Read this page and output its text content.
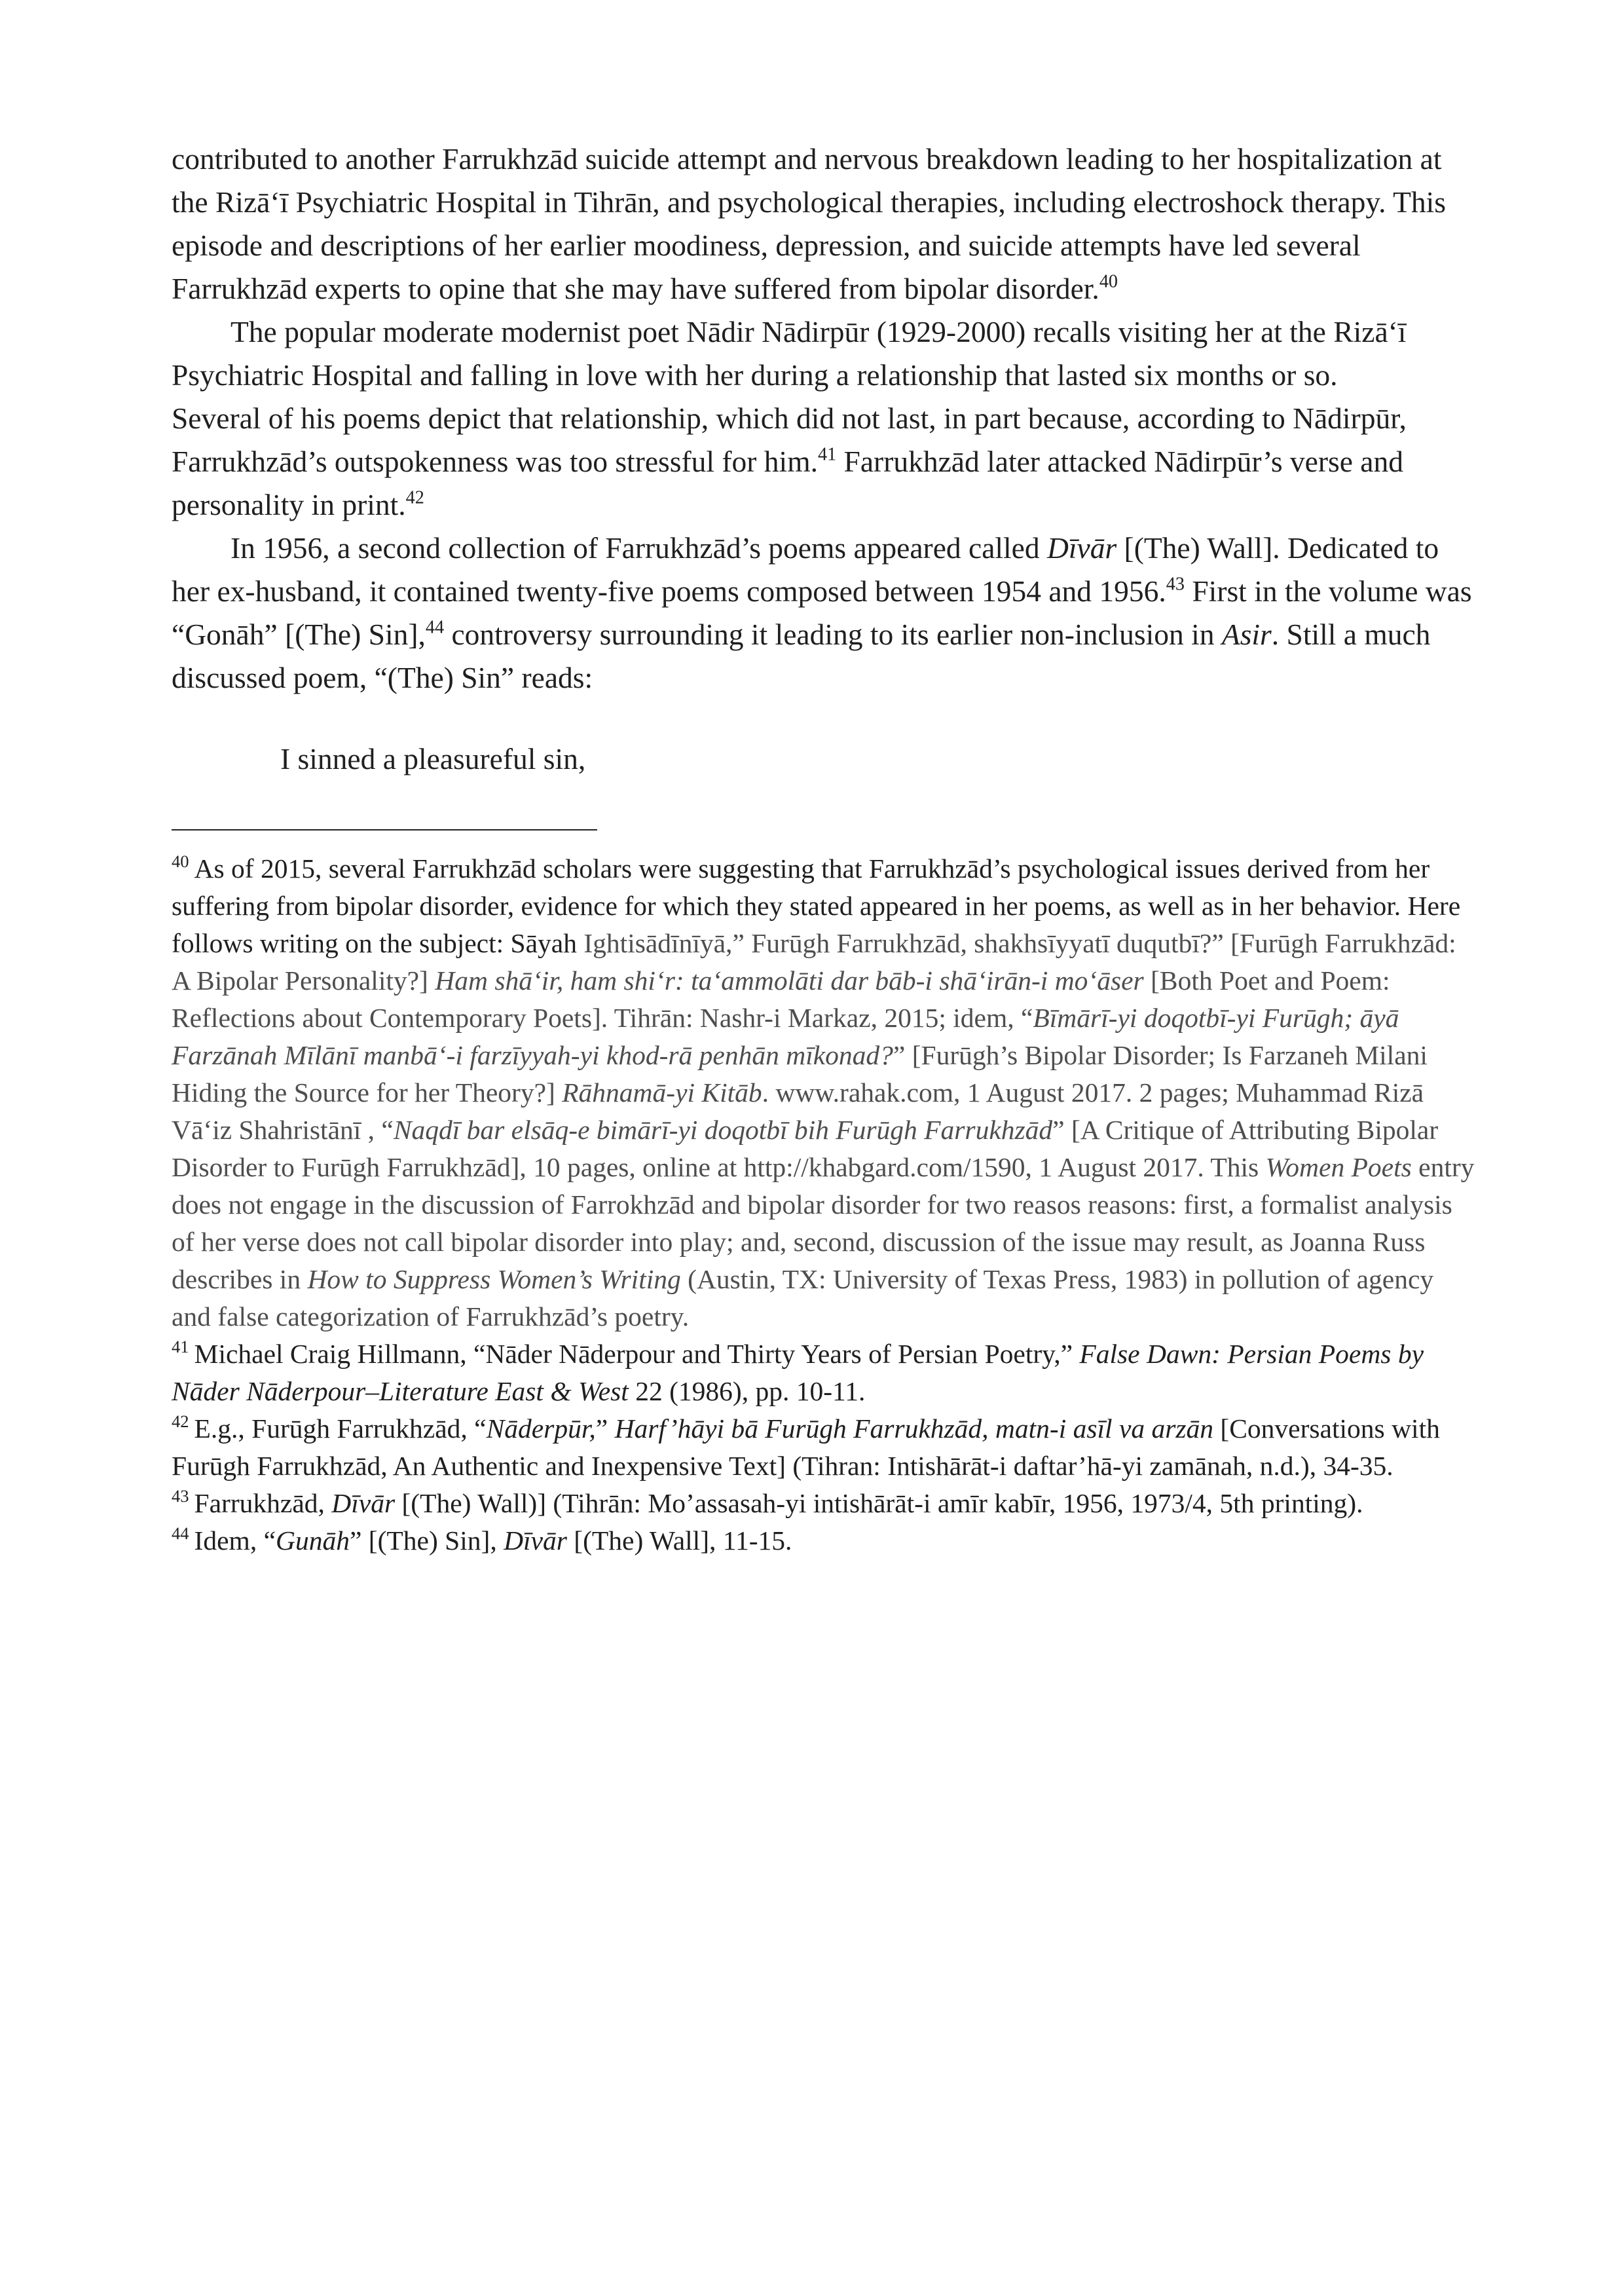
contributed to another Farrukhzād suicide attempt and nervous breakdown leading to her hospitalization at the Rizā‘ī Psychiatric Hospital in Tihrān, and psychological therapies, including electroshock therapy. This episode and descriptions of her earlier moodiness, depression, and suicide attempts have led several Farrukhzād experts to opine that she may have suffered from bipolar disorder.$^{40}$

The popular moderate modernist poet Nādir Nādirpūr (1929-2000) recalls visiting her at the Rizā‘ī Psychiatric Hospital and falling in love with her during a relationship that lasted six months or so.

Several of his poems depict that relationship, which did not last, in part because, according to Nādirpūr, Farrukhzād’s outspokenness was too stressful for him.$^{41}$ Farrukhzād later attacked Nādirpūr’s verse and personality in print.$^{42}$

In 1956, a second collection of Farrukhzād’s poems appeared called Dīvār [(The) Wall]. Dedicated to her ex-husband, it contained twenty-five poems composed between 1954 and 1956.43 First in the volume was “Gonāh” [(The) Sin],$^{44}$ controversy surrounding it leading to its earlier non-inclusion in Asir. Still a much discussed poem, “(The) Sin” reads:

I sinned a pleasureful sin,

$^{40}$ As of 2015, several Farrukhzād scholars were suggesting that Farrukhzād’s psychological issues derived from her suffering from bipolar disorder, evidence for which they stated appeared in her poems, as well as in her behavior. Here follows writing on the subject: Sāyah Ightisādīnīyā,” Furūgh Farrukhzād, shakhsīyyatī duqutbī?” [Furūgh Farrukhzād: A Bipolar Personality?] Ham shā‘ir, ham shi‘r: ta‘ammolāti dar bāb-i shā‘irān-i mo‘āser [Both Poet and Poem: Reflections about Contemporary Poets]. Tihrān: Nashr-i Markaz, 2015; idem, “Bīmārī-yi doqotbī-yi Furūgh; āyā Farzānah Mīlānī manbā‘-i farzīyyah-yi khod-rā penhān mīkonad?” [Furūgh’s Bipolar Disorder; Is Farzaneh Milani Hiding the Source for her Theory?] Rāhnamā-yi Kitāb. www.rahak.com, 1 August 2017. 2 pages; Muhammad Rizā Vā‘iz Shahristānī , “Naqdī bar elsāq-e bimārī-yi doqotbī bih Furūgh Farrukhzād” [A Critique of Attributing Bipolar Disorder to Furūgh Farrukhzād], 10 pages, online at http://khabgard.com/1590, 1 August 2017. This Women Poets entry does not engage in the discussion of Farrokhzād and bipolar disorder for two reasos reasons: first, a formalist analysis of her verse does not call bipolar disorder into play; and, second, discussion of the issue may result, as Joanna Russ describes in How to Suppress Women’s Writing (Austin, TX: University of Texas Press, 1983) in pollution of agency and false categorization of Farrukhzād’s poetry.
$^{41}$ Michael Craig Hillmann, “Nāder Nāderpour and Thirty Years of Persian Poetry,” False Dawn: Persian Poems by Nāder Nāderpour–Literature East & West 22 (1986), pp. 10-11.
$^{42}$ E.g., Furūgh Farrukhzād, “Nāderpūr,” Harf’hāyi bā Furūgh Farrukhzād, matn-i asīl va arzān [Conversations with Furūgh Farrukhzād, An Authentic and Inexpensive Text] (Tihran: Intishārāt-i daftar’hā-yi zamānah, n.d.), 34-35.
$^{43}$ Farrukhzād, Dīvār [(The) Wall)] (Tihrān: Mo’assasah-yi intishārāt-i amīr kabīr, 1956, 1973/4, 5th printing).
$^{44}$ Idem, “Gunāh” [(The) Sin], Dīvār [(The) Wall], 11-15.
